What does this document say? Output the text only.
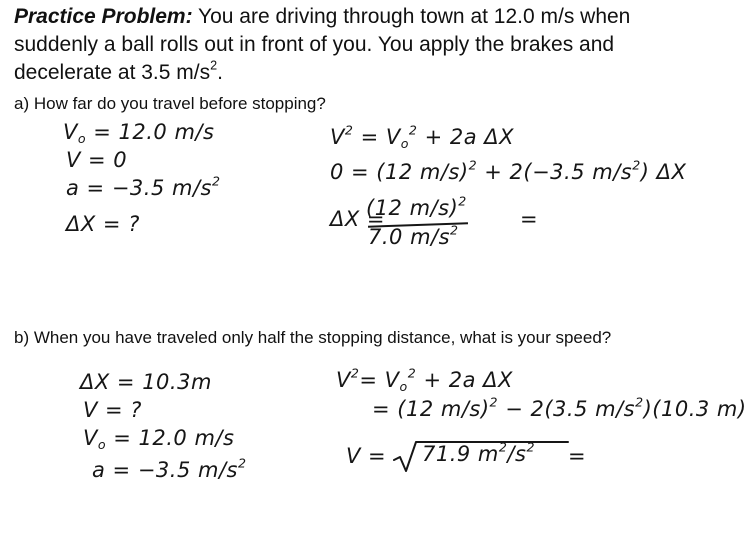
Practice Problem: You are driving through town at 12.0 m/s when suddenly a ball rolls out in front of you. You apply the brakes and decelerate at 3.5 $m/s^2$.

a) How far do you travel before stopping?

$V_o = 12.0$ m/s
V = 0
a = −3.5 $m/s^2$
ΔX = ?
$V^2 = V_o^2 + 2a$ ΔX
0 = (12 m/s)$^2$ + 2(−3.5 $m/s^2$) ΔX
ΔX =
(12 m/s)$^2$
7.0 $m/s^2$	=

b) When you have traveled only half the stopping distance, what is your speed?

ΔX = 10.3m
V = ?
$V_o = 12.0$ m/s
a = −3.5 $m/s^2$
$V^2= V_o^2 + 2a$ ΔX
= (12 m/s)$^2$ − 2(3.5 $m/s^2)(10.3$ m)
V = 71.9 $m^2/s^2$ =
